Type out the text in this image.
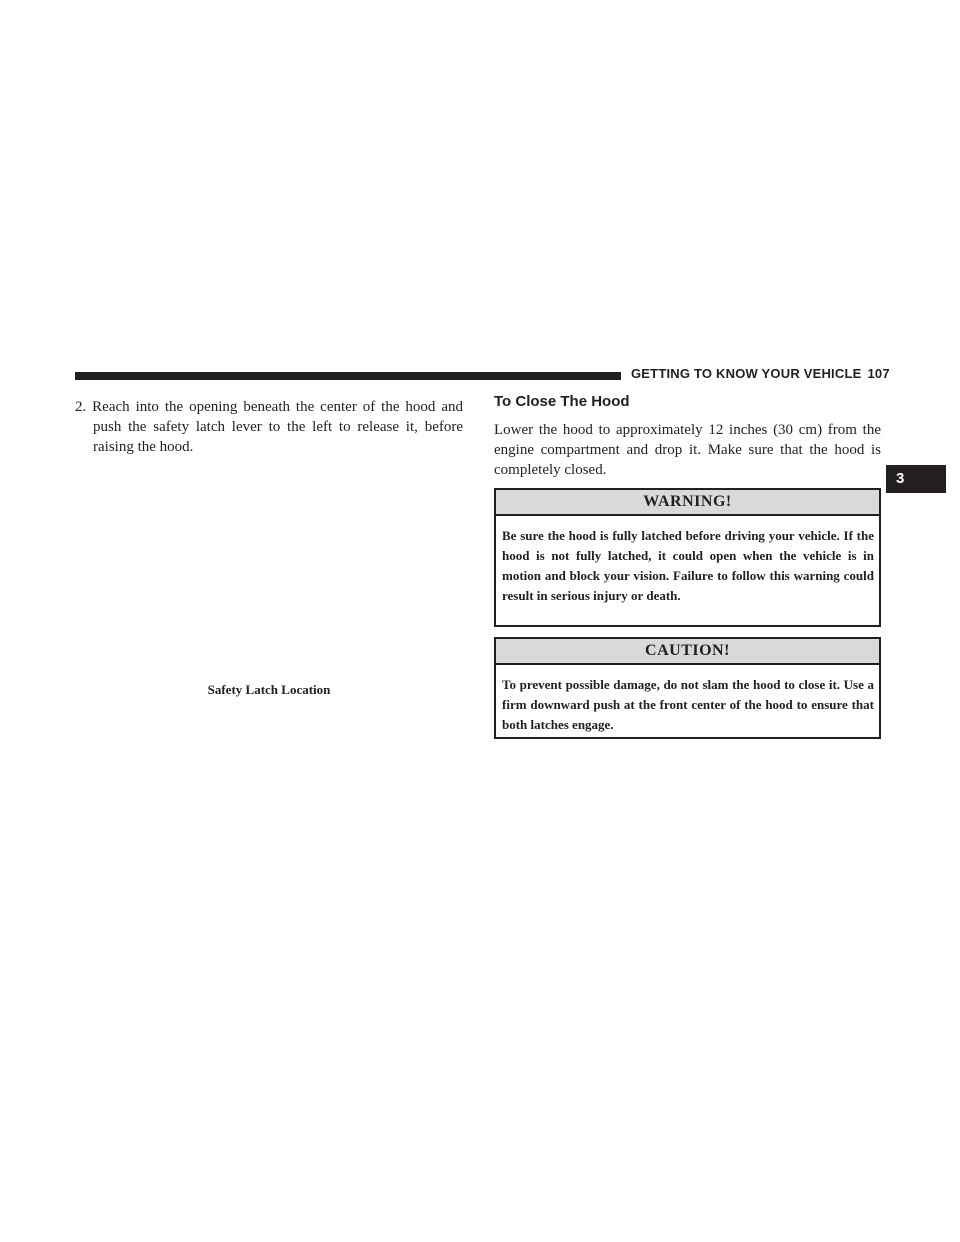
GETTING TO KNOW YOUR VEHICLE 107
3
2. Reach into the opening beneath the center of the hood and push the safety latch lever to the left to release it, before raising the hood.
Safety Latch Location
To Close The Hood
Lower the hood to approximately 12 inches (30 cm) from the engine compartment and drop it. Make sure that the hood is completely closed.
WARNING!
Be sure the hood is fully latched before driving your vehicle. If the hood is not fully latched, it could open when the vehicle is in motion and block your vision. Failure to follow this warning could result in serious injury or death.
CAUTION!
To prevent possible damage, do not slam the hood to close it. Use a firm downward push at the front center of the hood to ensure that both latches engage.
